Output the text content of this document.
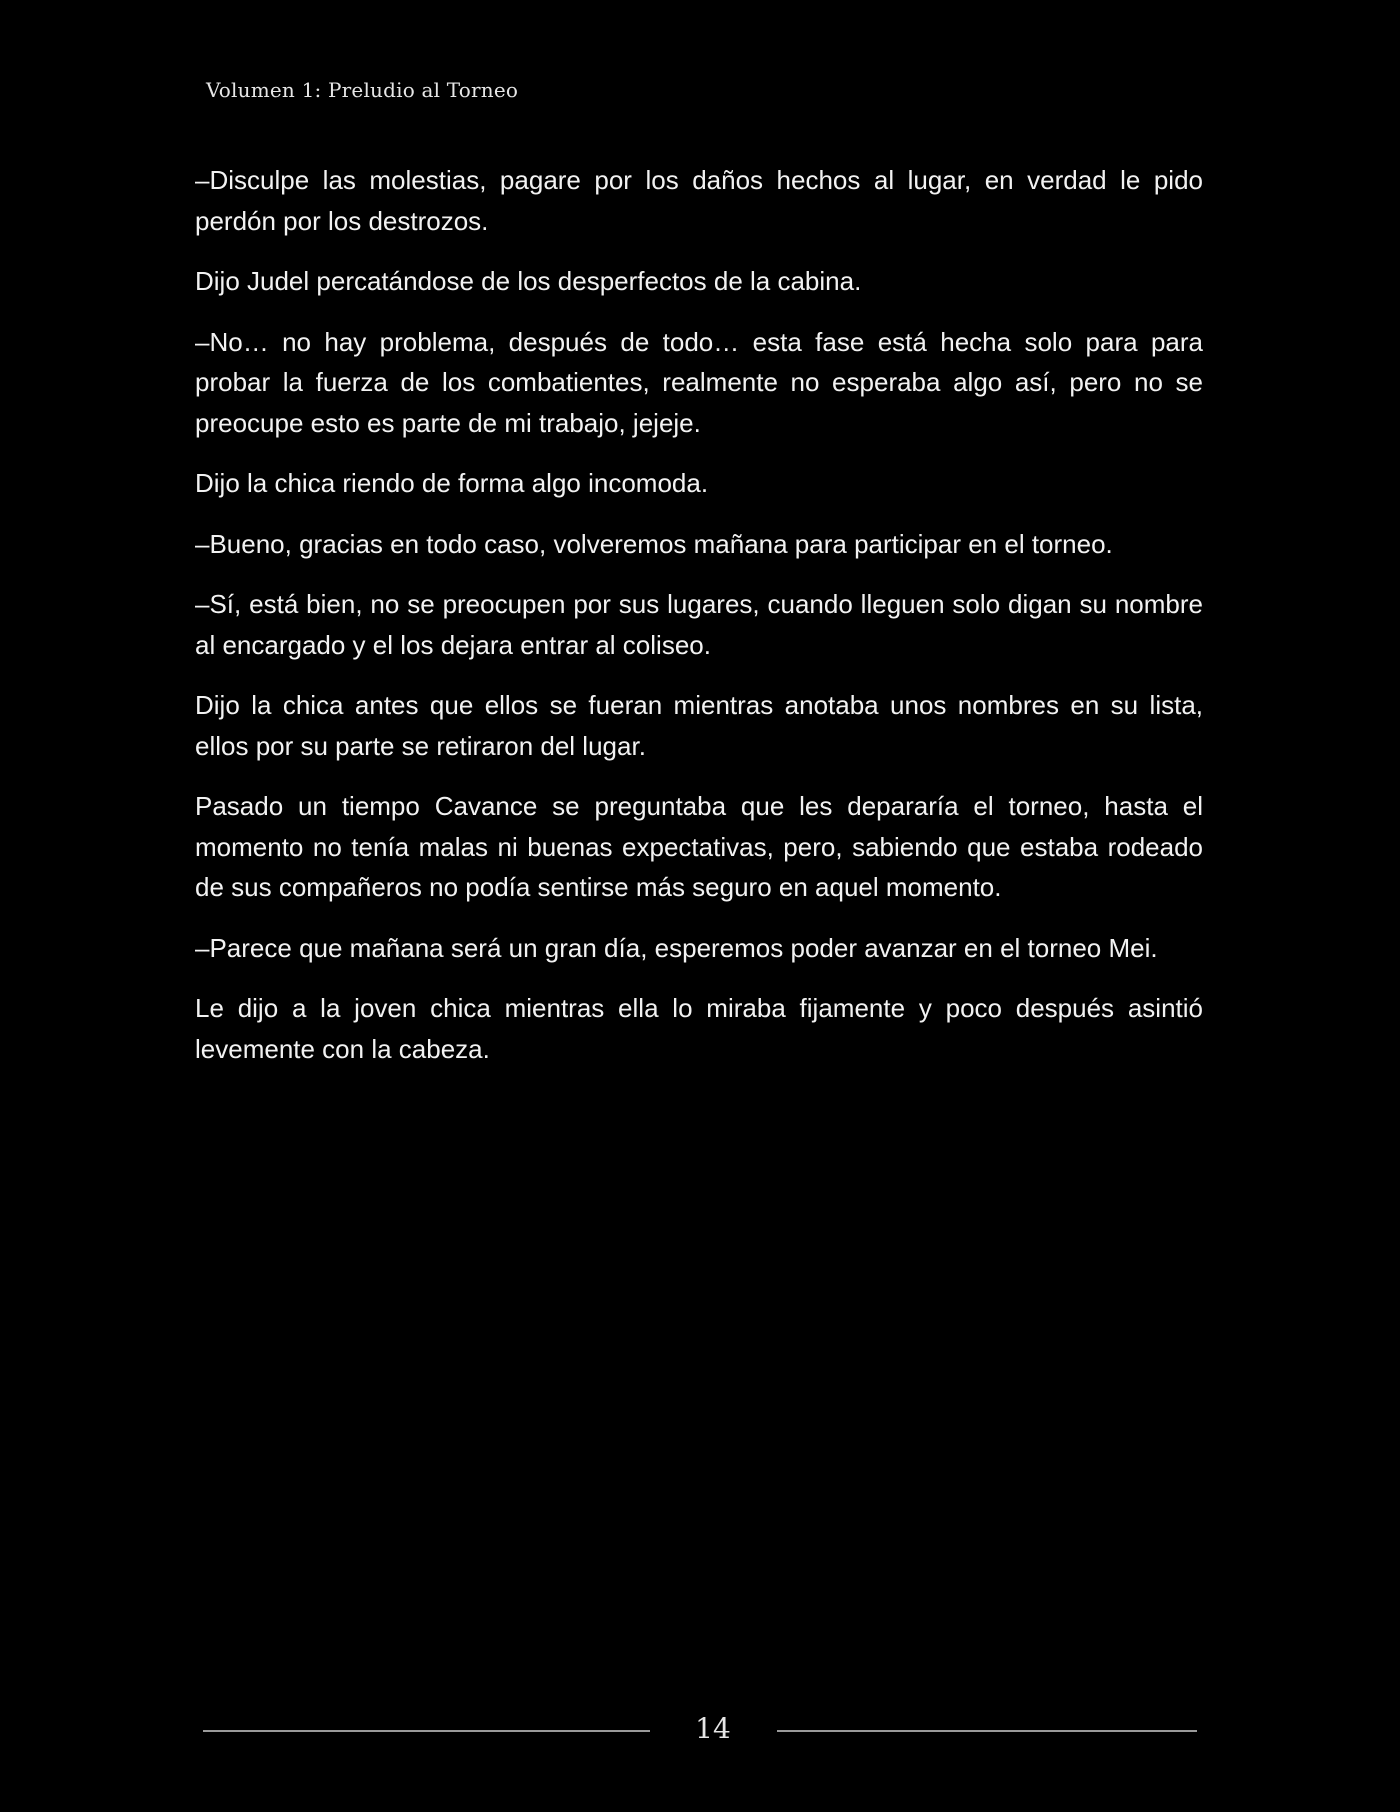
Volumen 1: Preludio al Torneo

–Disculpe las molestias, pagare por los daños hechos al lugar, en verdad le pido perdón por los destrozos.

Dijo Judel percatándose de los desperfectos de la cabina.

–No… no hay problema, después de todo… esta fase está hecha solo para para probar la fuerza de los combatientes, realmente no esperaba algo así, pero no se preocupe esto es parte de mi trabajo, jejeje.

Dijo la chica riendo de forma algo incomoda.

–Bueno, gracias en todo caso, volveremos mañana para participar en el torneo.

–Sí, está bien, no se preocupen por sus lugares, cuando lleguen solo digan su nombre al encargado y el los dejara entrar al coliseo.

Dijo la chica antes que ellos se fueran mientras anotaba unos nombres en su lista, ellos por su parte se retiraron del lugar.

Pasado un tiempo Cavance se preguntaba que les depararía el torneo, hasta el momento no tenía malas ni buenas expectativas, pero, sabiendo que estaba rodeado de sus compañeros no podía sentirse más seguro en aquel momento.

–Parece que mañana será un gran día, esperemos poder avanzar en el torneo Mei.

Le dijo a la joven chica mientras ella lo miraba fijamente y poco después asintió levemente con la cabeza.

14
